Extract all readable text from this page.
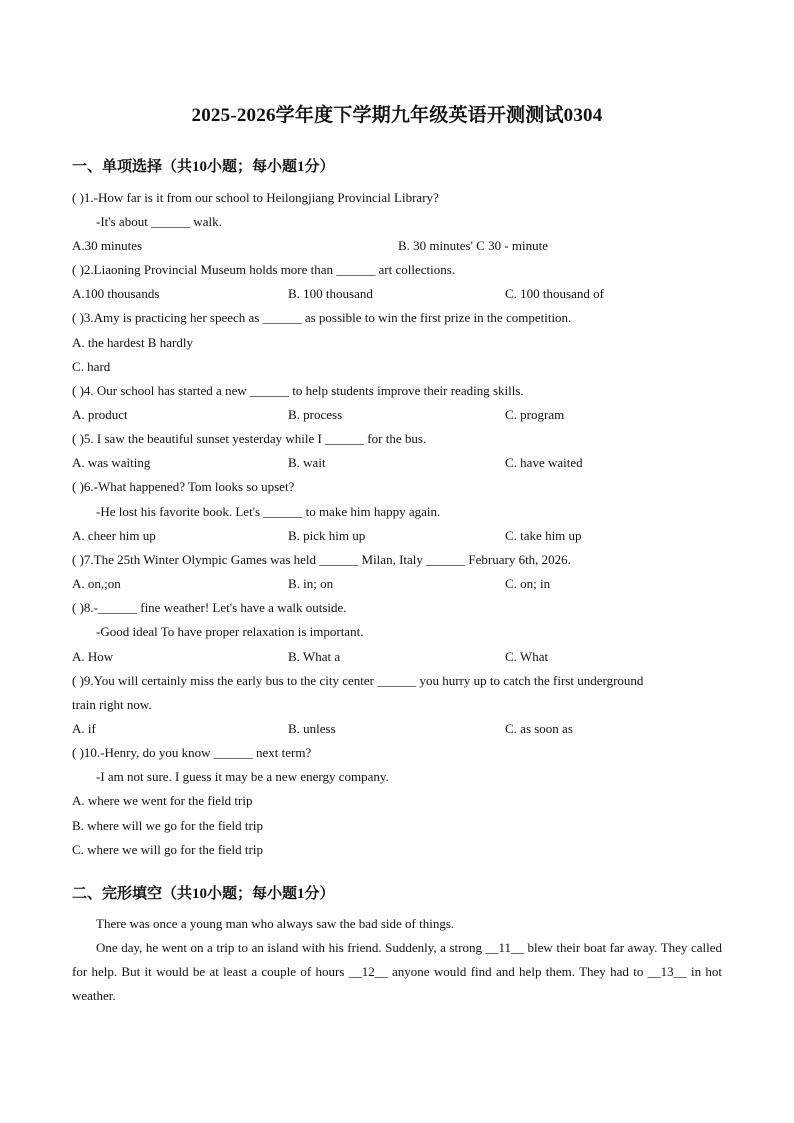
2025-2026学年度下学期九年级英语开测测试0304
一、单项选择（共10小题；每小题1分）
( )1.-How far is it from our school to Heilongjiang Provincial Library?
-It's about ______ walk.
A.30 minutes	B. 30 minutes' C 30 - minute
( )2.Liaoning Provincial Museum holds more than ______ art collections.
A.100 thousands	B. 100 thousand	C. 100 thousand of
( )3.Amy is practicing her speech as ______ as possible to win the first prize in the competition.
A. the hardest B hardly
C. hard
( )4. Our school has started a new ______ to help students improve their reading skills.
A. product	B. process	C. program
( )5. I saw the beautiful sunset yesterday while I ______ for the bus.
A. was waiting	B. wait	C. have waited
( )6.-What happened? Tom looks so upset?
-He lost his favorite book. Let's ______ to make him happy again.
A. cheer him up	B. pick him up	C. take him up
( )7.The 25th Winter Olympic Games was held ______ Milan, Italy ______ February 6th, 2026.
A. on,;on	B. in; on	C. on; in
( )8.-______ fine weather! Let's have a walk outside.
-Good ideal To have proper relaxation is important.
A. How	B. What a	C. What
( )9.You will certainly miss the early bus to the city center ______ you hurry up to catch the first underground
train right now.
A. if	B. unless	C. as soon as
( )10.-Henry, do you know ______ next term?
-I am not sure. I guess it may be a new energy company.
A. where we went for the field trip
B. where will we go for the field trip
C. where we will go for the field trip
二、完形填空（共10小题；每小题1分）
There was once a young man who always saw the bad side of things.
One day, he went on a trip to an island with his friend. Suddenly, a strong __11__ blew their boat far away. They called for help. But it would be at least a couple of hours __12__ anyone would find and help them. They had to __13__ in hot weather.
